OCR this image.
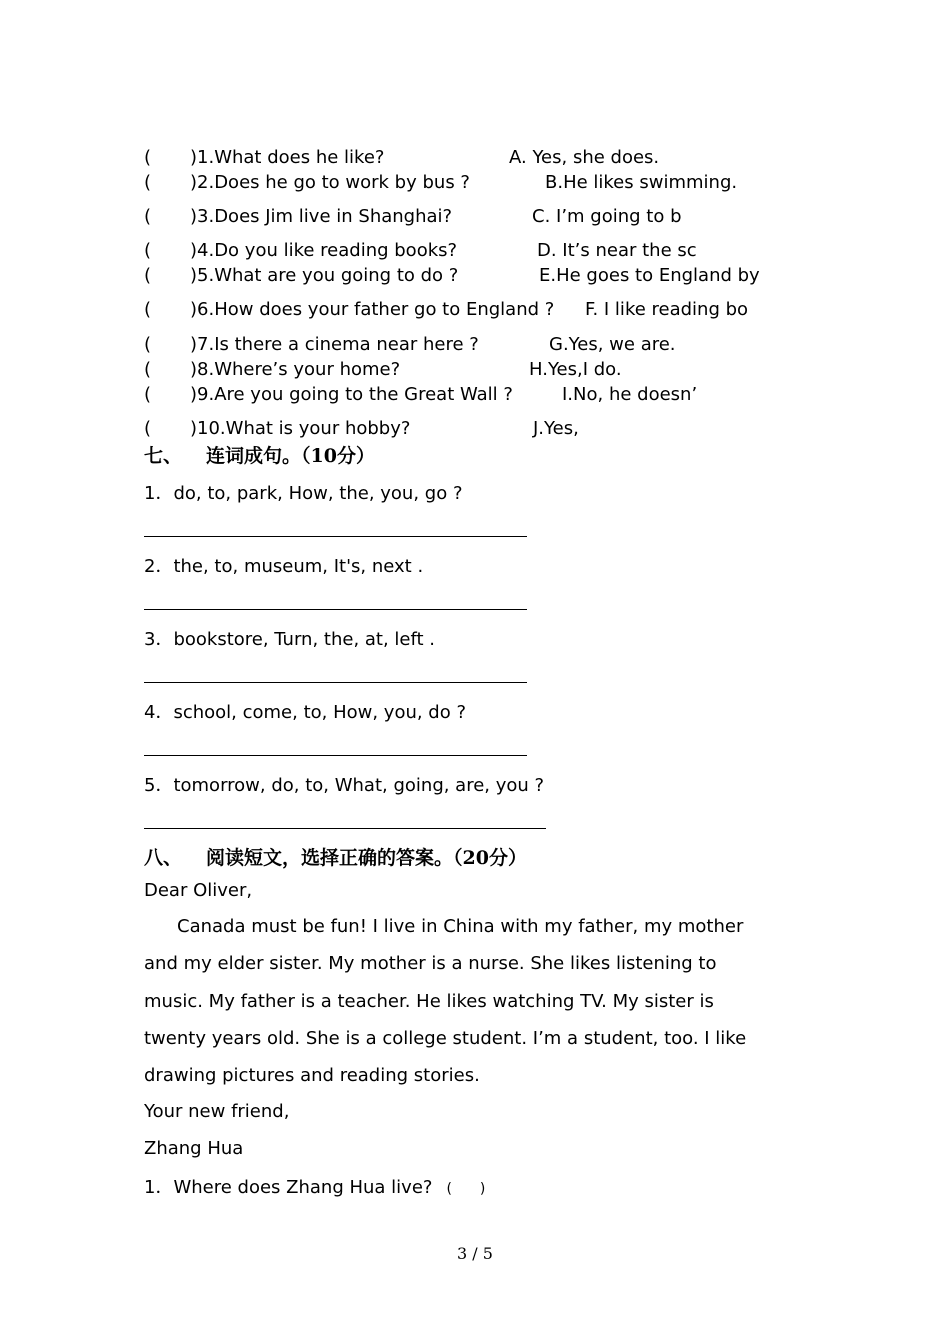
(	)1.What does he like?	A. Yes, she does.
(	)2.Does he go to work by bus ?	B.He likes swimming.
(	)3.Does Jim live in Shanghai?	C. I’m going to b
(	)4.Do you like reading books?	D. It’s near the sc
(	)5.What are you going to do ?	E.He goes to England by
(	)6.How does your father go to England ? F. I like reading bo
(	)7.Is there a cinema near here ?	G.Yes, we are.
(	)8.Where’s your home?	H.Yes,I do.
(	)9.Are you going to the Great Wall ?	I.No, he doesn’
(	)10.What is your hobby?	J.Yes,
七、 连词成句。（10分）
1．do, to, park, How, the, you, go ?
2．the, to, museum, It's, next .
3．bookstore, Turn, the, at, left .
4．school, come, to, How, you, do ?
5．tomorrow, do, to, What, going, are, you ?
八、 阅读短文，选择正确的答案。（20分）
Dear Oliver,
Canada must be fun! I live in China with my father, my mother
and my elder sister. My mother is a nurse. She likes listening to
music. My father is a teacher. He likes watching TV. My sister is
twenty years old. She is a college student. I’m a student, too. I like
drawing pictures and reading stories.
Your new friend,
Zhang Hua
1．Where does Zhang Hua live? (　　)
3 / 5
